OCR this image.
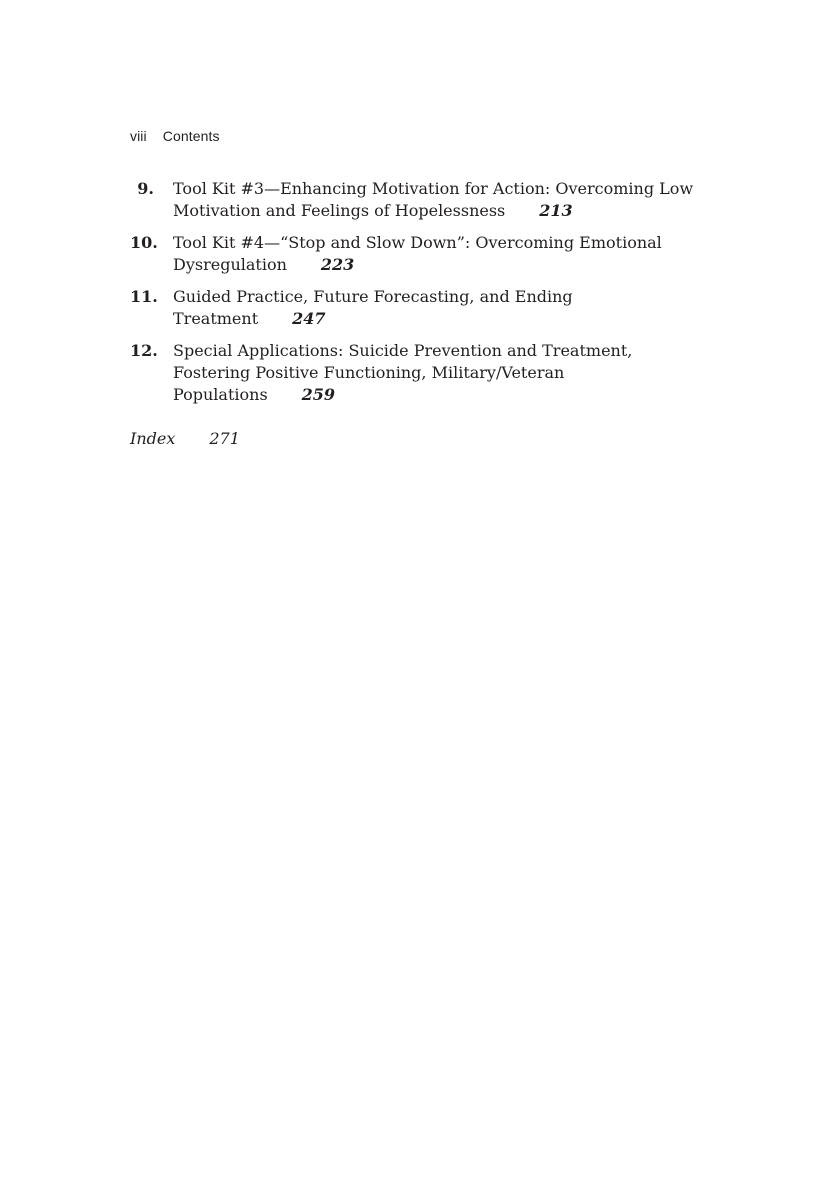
viii Contents
9.	Tool Kit #3—Enhancing Motivation for Action: Overcoming Low Motivation and Feelings of Hopelessness 213
10. Tool Kit #4—“Stop and Slow Down”: Overcoming Emotional Dysregulation 223
11. Guided Practice, Future Forecasting, and Ending Treatment 247
12. Special Applications: Suicide Prevention and Treatment, Fostering Positive Functioning, Military/Veteran Populations 259
Index 271
